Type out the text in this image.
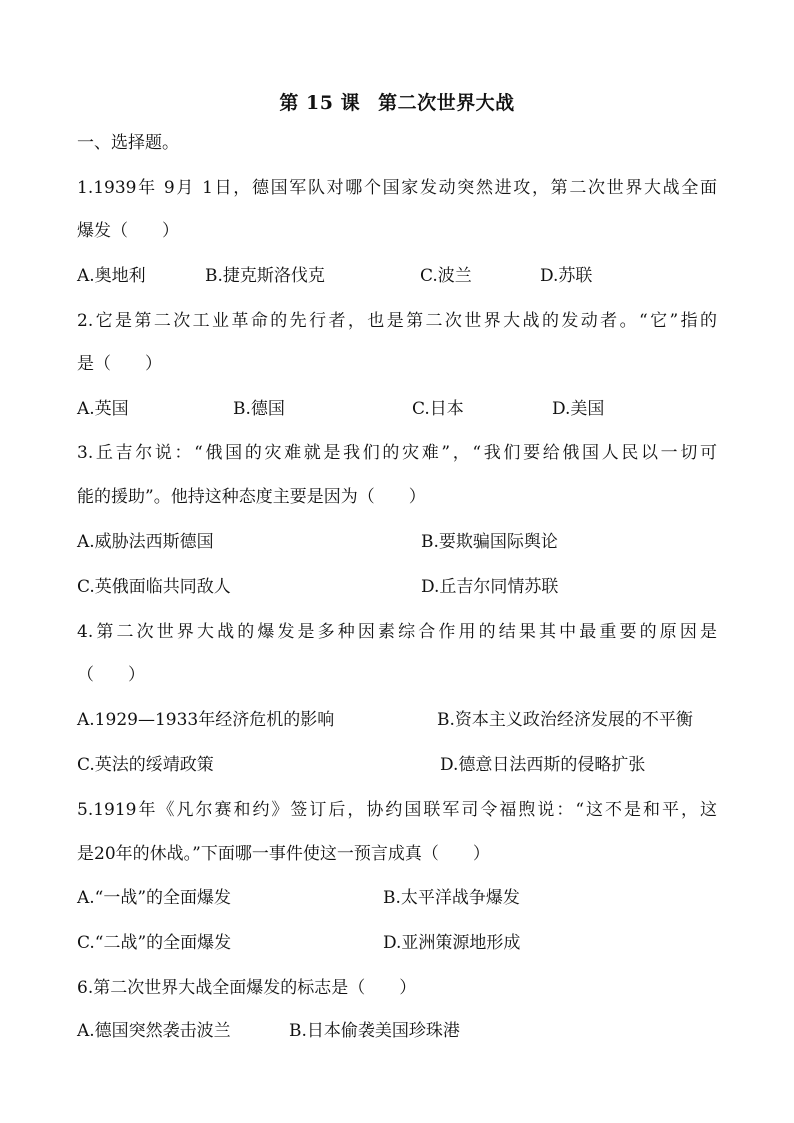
第 15 课 第二次世界大战
一、选择题。
1.1939年 9月 1日，德国军队对哪个国家发动突然进攻，第二次世界大战全面
爆发（　　）
A.奥地利	B.捷克斯洛伐克	C.波兰	D.苏联
2.它是第二次工业革命的先行者，也是第二次世界大战的发动者。“它”指的
是（　　）
A.英国	B.德国	C.日本	D.美国
3.丘吉尔说：“俄国的灾难就是我们的灾难”，“我们要给俄国人民以一切可
能的援助”。他持这种态度主要是因为（　　）
A.威胁法西斯德国	B.要欺骗国际舆论
C.英俄面临共同敌人	D.丘吉尔同情苏联
4.第二次世界大战的爆发是多种因素综合作用的结果其中最重要的原因是
（　　）
A.1929—1933年经济危机的影响	B.资本主义政治经济发展的不平衡
C.英法的绥靖政策	D.德意日法西斯的侵略扩张
5.1919年《凡尔赛和约》签订后，协约国联军司令福煦说：“这不是和平，这
是20年的休战。”下面哪一事件使这一预言成真（　　）
A.“一战”的全面爆发	B.太平洋战争爆发
C.“二战”的全面爆发	D.亚洲策源地形成
6.第二次世界大战全面爆发的标志是（　　）
A.德国突然袭击波兰	B.日本偷袭美国珍珠港
